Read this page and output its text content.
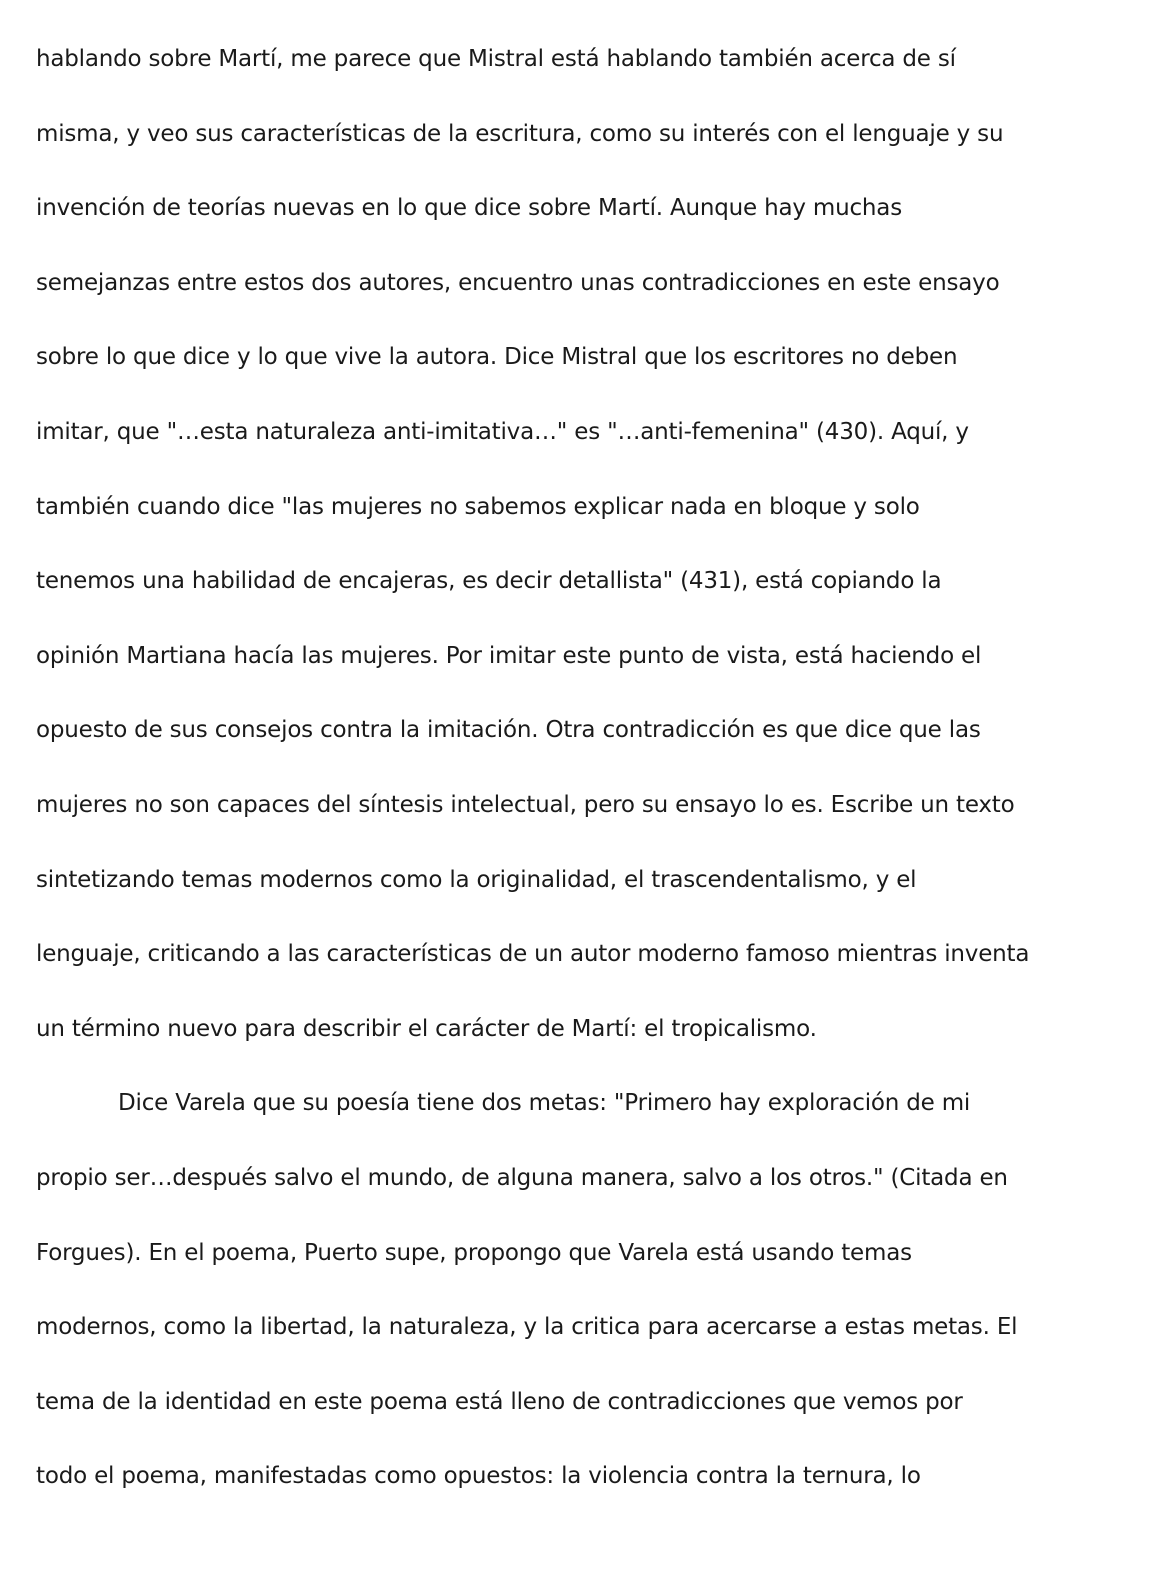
hablando sobre Martí, me parece que Mistral está hablando también acerca de sí
misma, y veo sus características de la escritura, como su interés con el lenguaje y su
invención de teorías nuevas en lo que dice sobre Martí. Aunque hay muchas
semejanzas entre estos dos autores, encuentro unas contradicciones en este ensayo
sobre lo que dice y lo que vive la autora. Dice Mistral que los escritores no deben
imitar, que "…esta naturaleza anti-imitativa…" es "…anti-femenina" (430). Aquí, y
también cuando dice "las mujeres no sabemos explicar nada en bloque y solo
tenemos una habilidad de encajeras, es decir detallista" (431), está copiando la
opinión Martiana hacía las mujeres. Por imitar este punto de vista, está haciendo el
opuesto de sus consejos contra la imitación. Otra contradicción es que dice que las
mujeres no son capaces del síntesis intelectual, pero su ensayo lo es. Escribe un texto
sintetizando temas modernos como la originalidad, el trascendentalismo, y el
lenguaje, criticando a las características de un autor moderno famoso mientras inventa
un término nuevo para describir el carácter de Martí: el tropicalismo.
Dice Varela que su poesía tiene dos metas: "Primero hay exploración de mi
propio ser…después salvo el mundo, de alguna manera, salvo a los otros." (Citada en
Forgues). En el poema, Puerto supe, propongo que Varela está usando temas
modernos, como la libertad, la naturaleza, y la critica para acercarse a estas metas. El
tema de la identidad en este poema está lleno de contradicciones que vemos por
todo el poema, manifestadas como opuestos: la violencia contra la ternura, lo
